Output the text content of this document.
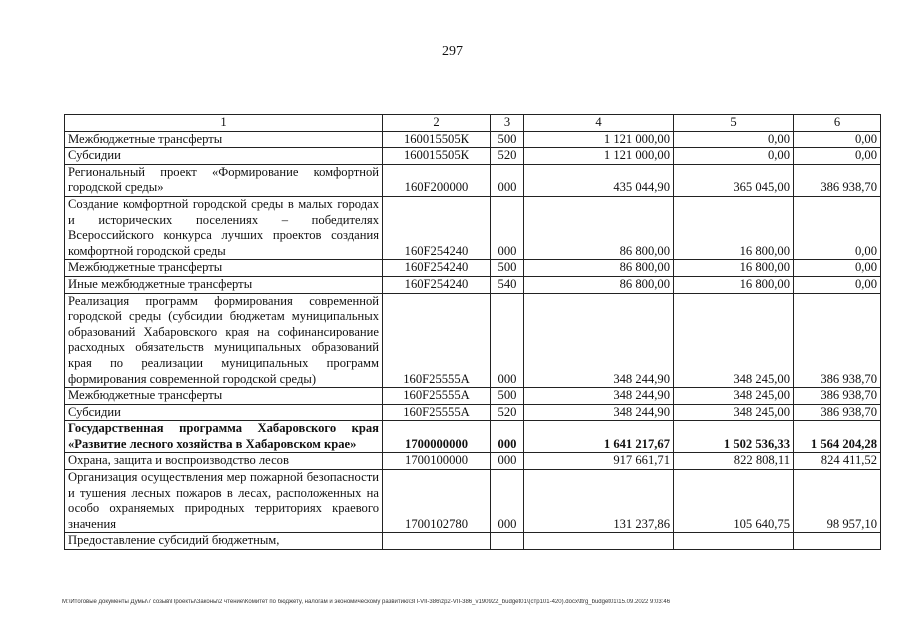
297
1	2	3	4	5	6
Межбюджетные трансферты	160015505К	500	1 121 000,00	0,00	0,00
Субсидии	160015505К	520	1 121 000,00	0,00	0,00
Региональный проект «Формирование комфортной городской среды»	160F200000	000	435 044,90	365 045,00	386 938,70
Создание комфортной городской среды в малых городах и исторических поселениях – победителях Всероссийского конкурса лучших проектов создания комфортной городской среды	160F254240	000	86 800,00	16 800,00	0,00
Межбюджетные трансферты	160F254240	500	86 800,00	16 800,00	0,00
Иные межбюджетные трансферты	160F254240	540	86 800,00	16 800,00	0,00
Реализация программ формирования современной городской среды (субсидии бюджетам муниципальных образований Хабаровского края на софинансирование расходных обязательств муниципальных образований края по реализации муниципальных программ формирования современной городской среды)	160F25555А	000	348 244,90	348 245,00	386 938,70
Межбюджетные трансферты	160F25555А	500	348 244,90	348 245,00	386 938,70
Субсидии	160F25555А	520	348 244,90	348 245,00	386 938,70
Государственная программа Хабаровского края «Развитие лесного хозяйства в Хабаровском крае»	1700000000	000	1 641 217,67	1 502 536,33	1 564 204,28
Охрана, защита и воспроизводство лесов	1700100000	000	917 661,71	822 808,11	824 411,52
Организация осуществления мер пожарной безопасности и тушения лесных пожаров в лесах, расположенных на особо охраняемых природных территориях краевого значения	1700102780	000	131 237,86	105 640,75	98 957,10
Предоставление субсидий бюджетным,					
M:\Итоговые документы Думы\7 созыв\Проекты\Законы\2 чтение\Комитет по бюджету, налогам и экономическому развитию\ЗП-VII-386\zp2-VII-386_v190922_budget01\(стр101-420).docx\ttrg_budget01\15.09.2022 9:03:46
